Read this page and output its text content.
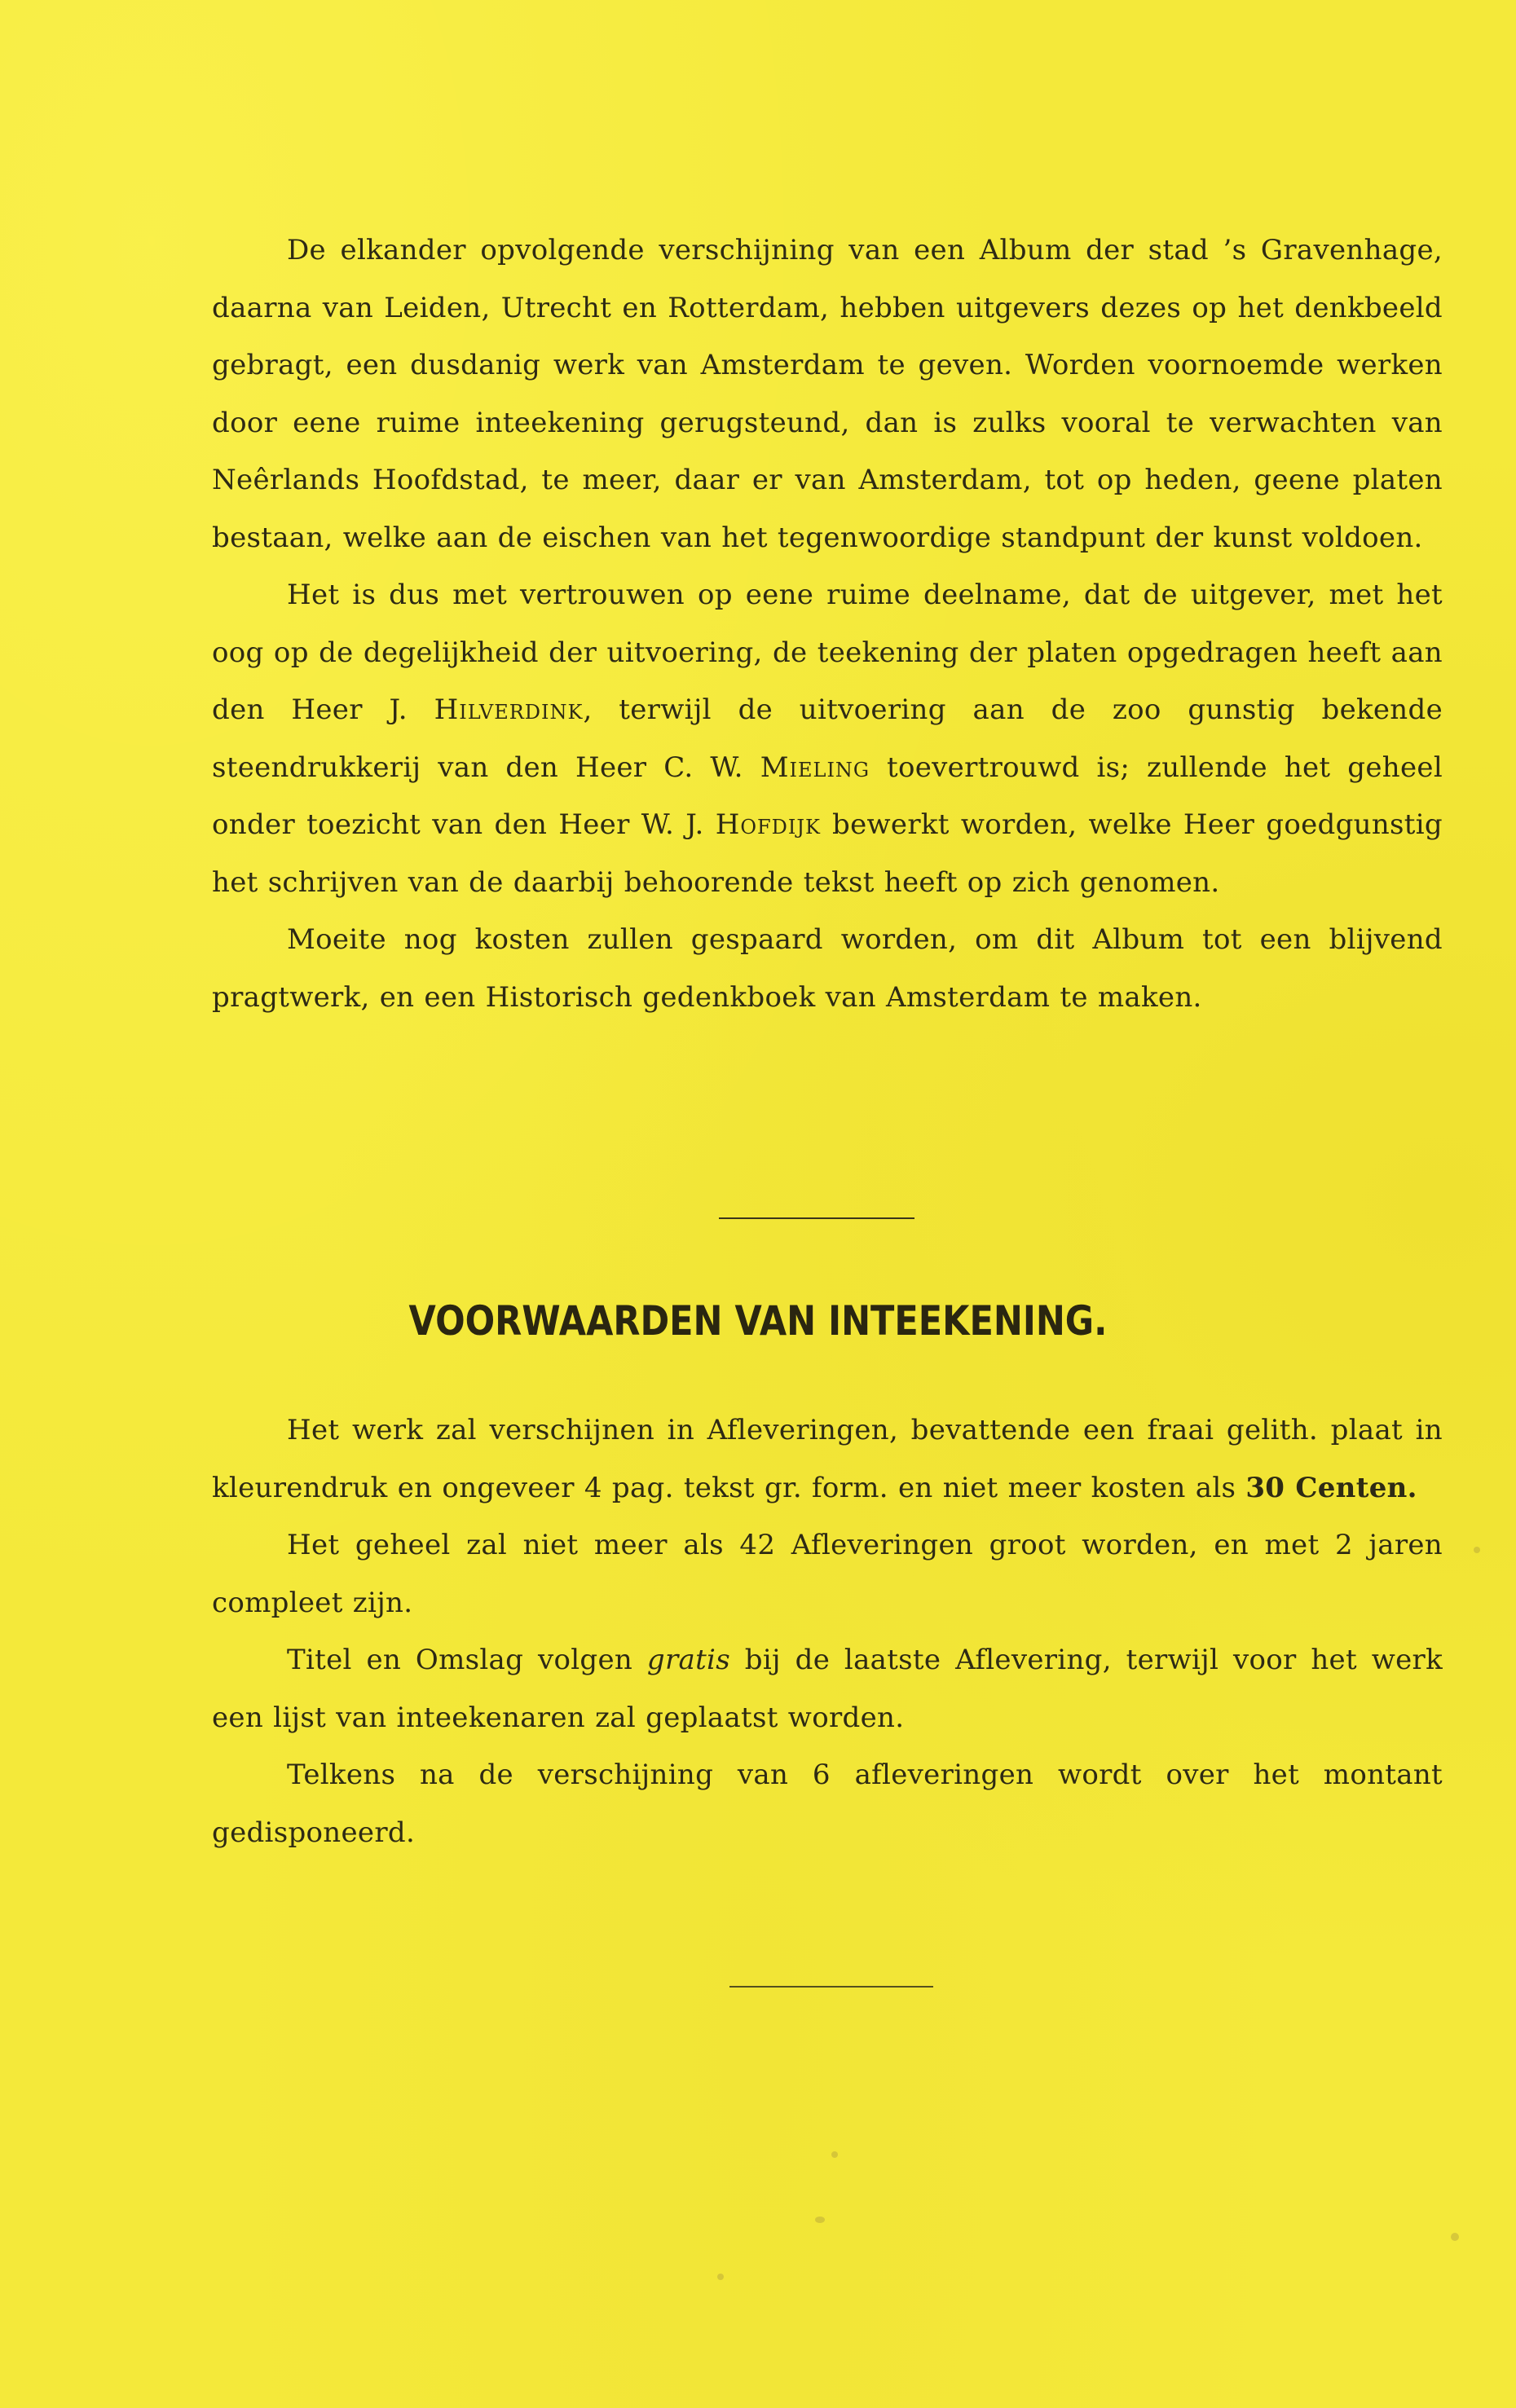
De elkander opvolgende verschijning van een Album der stad ’s Gravenhage, daarna van Leiden, Utrecht en Rotterdam, hebben uitgevers dezes op het denkbeeld gebragt, een dusdanig werk van Amsterdam te geven. Worden voornoemde werken door eene ruime inteekening gerugsteund, dan is zulks vooral te verwachten van Neêrlands Hoofdstad, te meer, daar er van Amsterdam, tot op heden, geene platen bestaan, welke aan de eischen van het tegenwoordige standpunt der kunst voldoen.

Het is dus met vertrouwen op eene ruime deelname, dat de uitgever, met het oog op de degelijkheid der uitvoering, de teekening der platen opgedragen heeft aan den Heer J. Hilverdink, terwijl de uitvoering aan de zoo gunstig bekende steendrukkerij van den Heer C. W. Mieling toevertrouwd is; zullende het geheel onder toezicht van den Heer W. J. Hofdijk bewerkt worden, welke Heer goedgunstig het schrijven van de daarbij behoorende tekst heeft op zich genomen.

Moeite nog kosten zullen gespaard worden, om dit Album tot een blijvend pragtwerk, en een Historisch gedenkboek van Amsterdam te maken.

VOORWAARDEN VAN INTEEKENING.

Het werk zal verschijnen in Afleveringen, bevattende een fraai gelith. plaat in kleurendruk en ongeveer 4 pag. tekst gr. form. en niet meer kosten als 30 Centen.

Het geheel zal niet meer als 42 Afleveringen groot worden, en met 2 jaren compleet zijn.

Titel en Omslag volgen gratis bij de laatste Aflevering, terwijl voor het werk een lijst van inteekenaren zal geplaatst worden.

Telkens na de verschijning van 6 afleveringen wordt over het montant gedisponeerd.
